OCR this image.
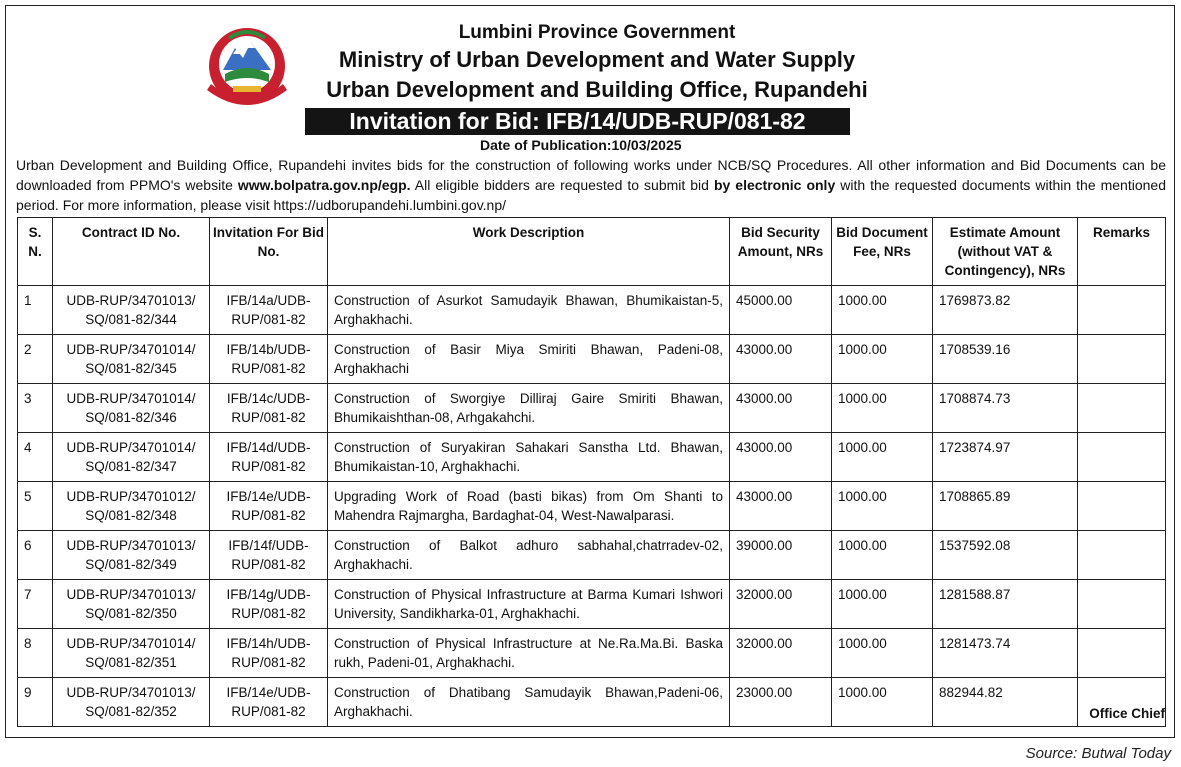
Lumbini Province Government
Ministry of Urban Development and Water Supply
Urban Development and Building Office, Rupandehi
Invitation for Bid: IFB/14/UDB-RUP/081-82
Date of Publication:10/03/2025
Urban Development and Building Office, Rupandehi invites bids for the construction of following works under NCB/SQ Procedures. All other information and Bid Documents can be downloaded from PPMO's website www.bolpatra.gov.np/egp. All eligible bidders are requested to submit bid by electronic only with the requested documents within the mentioned period. For more information, please visit https://udborupandehi.lumbini.gov.np/
S. N.	Contract ID No.	Invitation For Bid No.	Work Description	Bid Security Amount, NRs	Bid Document Fee, NRs	Estimate Amount (without VAT & Contingency), NRs	Remarks
1	UDB-RUP/34701013/ SQ/081-82/344	IFB/14a/UDB-RUP/081-82	Construction of Asurkot Samudayik Bhawan, Bhumikaistan-5, Arghakhachi.	45000.00	1000.00	1769873.82	
2	UDB-RUP/34701014/ SQ/081-82/345	IFB/14b/UDB-RUP/081-82	Construction of Basir Miya Smiriti Bhawan, Padeni-08, Arghakhachi	43000.00	1000.00	1708539.16	
3	UDB-RUP/34701014/ SQ/081-82/346	IFB/14c/UDB-RUP/081-82	Construction of Sworgiye Dilliraj Gaire Smiriti Bhawan, Bhumikaishthan-08, Arhgakahchi.	43000.00	1000.00	1708874.73	
4	UDB-RUP/34701014/ SQ/081-82/347	IFB/14d/UDB-RUP/081-82	Construction of Suryakiran Sahakari Sanstha Ltd. Bhawan, Bhumikaistan-10, Arghakhachi.	43000.00	1000.00	1723874.97	
5	UDB-RUP/34701012/ SQ/081-82/348	IFB/14e/UDB-RUP/081-82	Upgrading Work of Road (basti bikas) from Om Shanti to Mahendra Rajmargha, Bardaghat-04, West-Nawalparasi.	43000.00	1000.00	1708865.89	
6	UDB-RUP/34701013/ SQ/081-82/349	IFB/14f/UDB-RUP/081-82	Construction of Balkot adhuro sabhahal,chatrradev-02, Arghakhachi.	39000.00	1000.00	1537592.08	
7	UDB-RUP/34701013/ SQ/081-82/350	IFB/14g/UDB-RUP/081-82	Construction of Physical Infrastructure at Barma Kumari Ishwori University, Sandikharka-01, Arghakhachi.	32000.00	1000.00	1281588.87	
8	UDB-RUP/34701014/ SQ/081-82/351	IFB/14h/UDB-RUP/081-82	Construction of Physical Infrastructure at Ne.Ra.Ma.Bi. Baska rukh, Padeni-01, Arghakhachi.	32000.00	1000.00	1281473.74	
9	UDB-RUP/34701013/ SQ/081-82/352	IFB/14e/UDB-RUP/081-82	Construction of Dhatibang Samudayik Bhawan,Padeni-06, Arghakhachi.	23000.00	1000.00	882944.82	
Office Chief
Source: Butwal Today
